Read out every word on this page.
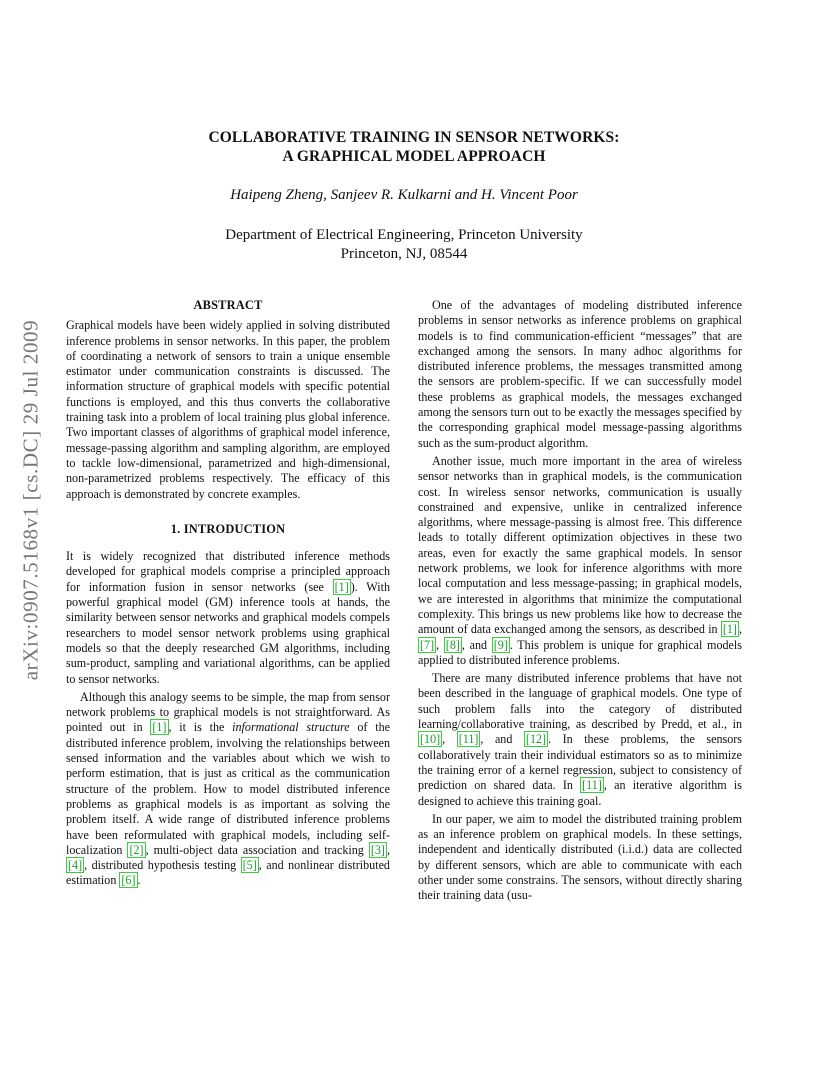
COLLABORATIVE TRAINING IN SENSOR NETWORKS:
A GRAPHICAL MODEL APPROACH
Haipeng Zheng, Sanjeev R. Kulkarni and H. Vincent Poor
Department of Electrical Engineering, Princeton University
Princeton, NJ, 08544
arXiv:0907.5168v1 [cs.DC] 29 Jul 2009
ABSTRACT

Graphical models have been widely applied in solving distributed inference problems in sensor networks. In this paper, the problem of coordinating a network of sensors to train a unique ensemble estimator under communication constraints is discussed. The information structure of graphical models with specific potential functions is employed, and this thus converts the collaborative training task into a problem of local training plus global inference. Two important classes of algorithms of graphical model inference, message-passing algorithm and sampling algorithm, are employed to tackle low-dimensional, parametrized and high-dimensional, non-parametrized problems respectively. The efficacy of this approach is demonstrated by concrete examples.

1. INTRODUCTION

It is widely recognized that distributed inference methods developed for graphical models comprise a principled approach for information fusion in sensor networks (see [1] ). With powerful graphical model (GM) inference tools at hands, the similarity between sensor networks and graphical models compels researchers to model sensor network problems using graphical models so that the deeply researched GM algorithms, including sum-product, sampling and variational algorithms, can be applied to sensor networks.

Although this analogy seems to be simple, the map from sensor network problems to graphical models is not straightforward. As pointed out in [1] , it is the informational structure of the distributed inference problem, involving the relationships between sensed information and the variables about which we wish to perform estimation, that is just as critical as the communication structure of the problem. How to model distributed inference problems as graphical models is as important as solving the problem itself. A wide range of distributed inference problems have been reformulated with graphical models, including self-localization [2] , multi-object data association and tracking [3] , [4] , distributed hypothesis testing [5] , and nonlinear distributed estimation [6] .

One of the advantages of modeling distributed inference problems in sensor networks as inference problems on graphical models is to find communication-efficient “messages” that are exchanged among the sensors. In many adhoc algorithms for distributed inference problems, the messages transmitted among the sensors are problem-specific. If we can successfully model these problems as graphical models, the messages exchanged among the sensors turn out to be exactly the messages specified by the corresponding graphical model message-passing algorithms such as the sum-product algorithm.

Another issue, much more important in the area of wireless sensor networks than in graphical models, is the communication cost. In wireless sensor networks, communication is usually constrained and expensive, unlike in centralized inference algorithms, where message-passing is almost free. This difference leads to totally different optimization objectives in these two areas, even for exactly the same graphical models. In sensor network problems, we look for inference algorithms with more local computation and less message-passing; in graphical models, we are interested in algorithms that minimize the computational complexity. This brings us new problems like how to decrease the amount of data exchanged among the sensors, as described in [1] , [7] , [8] , and [9] . This problem is unique for graphical models applied to distributed inference problems.

There are many distributed inference problems that have not been described in the language of graphical models. One type of such problem falls into the category of distributed learning/collaborative training, as described by Predd, et al., in [10] , [11] , and [12] . In these problems, the sensors collaboratively train their individual estimators so as to minimize the training error of a kernel regression, subject to consistency of prediction on shared data. In [11] , an iterative algorithm is designed to achieve this training goal.

In our paper, we aim to model the distributed training problem as an inference problem on graphical models. In these settings, independent and identically distributed (i.i.d.) data are collected by different sensors, which are able to communicate with each other under some constrains. The sensors, without directly sharing their training data (usu-
